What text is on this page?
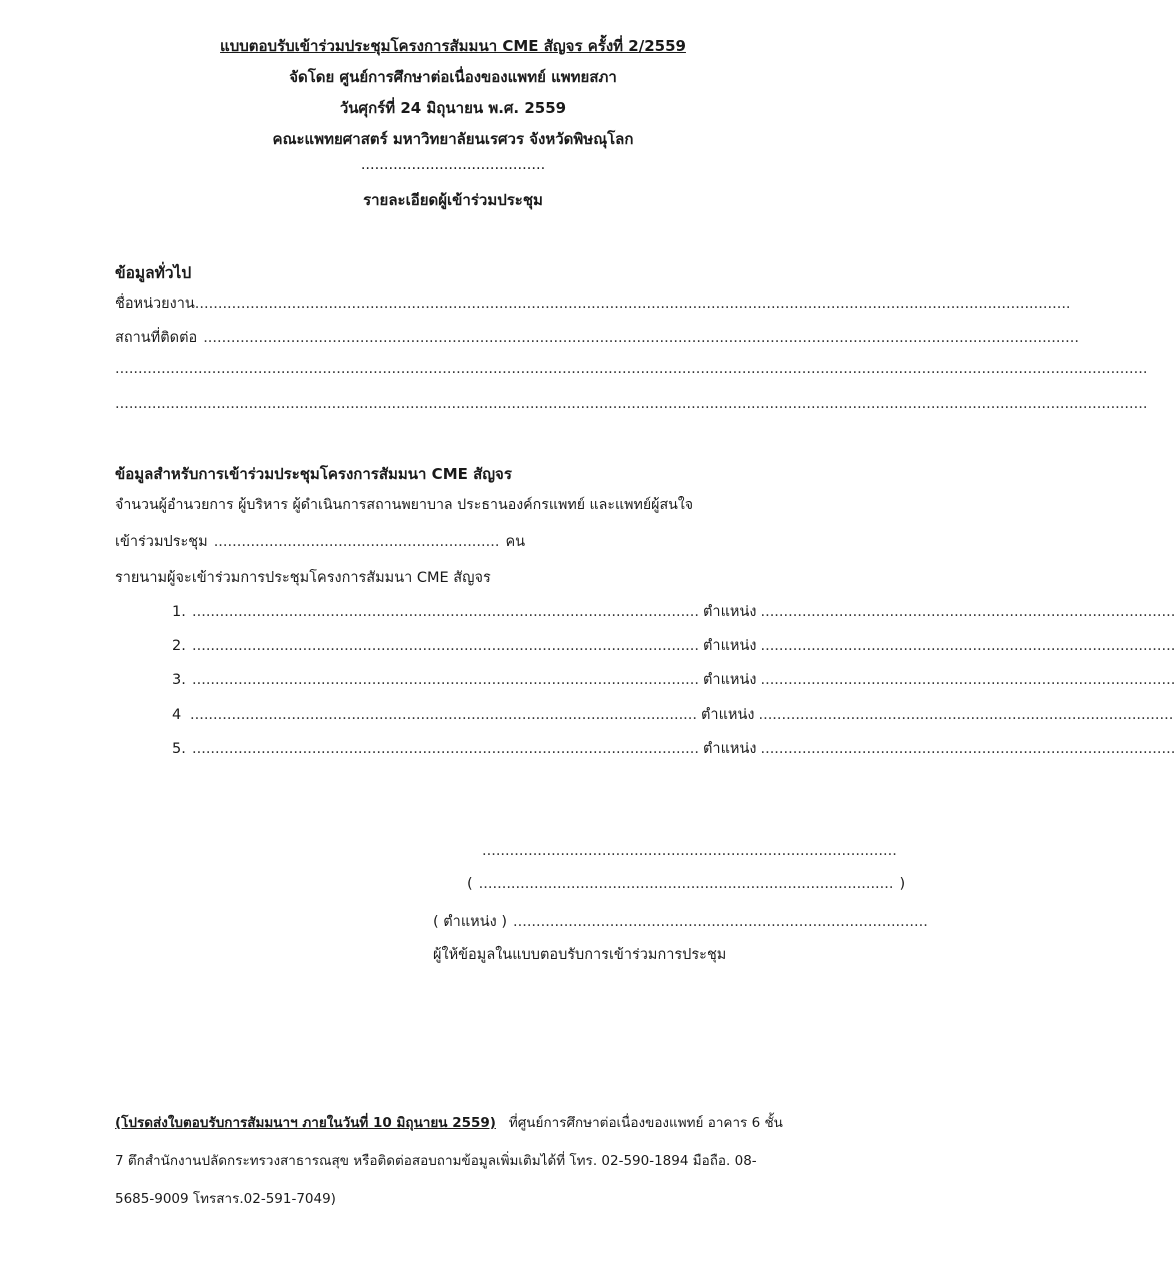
แบบตอบรับเข้าร่วมประชุมโครงการสัมมนา CME สัญจร ครั้งที่ 2/2559
จัดโดย ศูนย์การศึกษาต่อเนื่องของแพทย์ แพทยสภา
วันศุกร์ที่ 24 มิถุนายน พ.ศ. 2559
คณะแพทยศาสตร์ มหาวิทยาลัยนเรศวร จังหวัดพิษณุโลก
........................................
รายละเอียดผู้เข้าร่วมประชุม
ข้อมูลทั่วไป
ชื่อหน่วยงาน ..............................................................................................................................................................................................
สถานที่ติดต่อ ..............................................................................................................................................................................................
................................................................................................................................................................................................................................
................................................................................................................................................................................................................................
ข้อมูลสำหรับการเข้าร่วมประชุมโครงการสัมมนา CME สัญจร
จำนวนผู้อำนวยการ ผู้บริหาร ผู้ดำเนินการสถานพยาบาล ประธานองค์กรแพทย์ และแพทย์ผู้สนใจ
เข้าร่วมประชุม .............................................................. คน
รายนามผู้จะเข้าร่วมการประชุมโครงการสัมมนา CME สัญจร
1. .............................................................................................................. ตำแหน่ง ..........................................................................................
2. .............................................................................................................. ตำแหน่ง ..........................................................................................
3. .............................................................................................................. ตำแหน่ง ..........................................................................................
4 .............................................................................................................. ตำแหน่ง ..........................................................................................
5. .............................................................................................................. ตำแหน่ง ..........................................................................................
..........................................................................................
( .......................................................................................... )
( ตำแหน่ง ) ..........................................................................................
ผู้ให้ข้อมูลในแบบตอบรับการเข้าร่วมการประชุม
(โปรดส่งใบตอบรับการสัมมนาฯ ภายในวันที่ 10 มิถุนายน 2559) ที่ศูนย์การศึกษาต่อเนื่องของแพทย์ อาคาร 6 ชั้น 7 ตึกสำนักงานปลัดกระทรวงสาธารณสุข หรือติดต่อสอบถามข้อมูลเพิ่มเติมได้ที่ โทร. 02-590-1894 มือถือ. 08-5685-9009 โทรสาร.02-591-7049)
